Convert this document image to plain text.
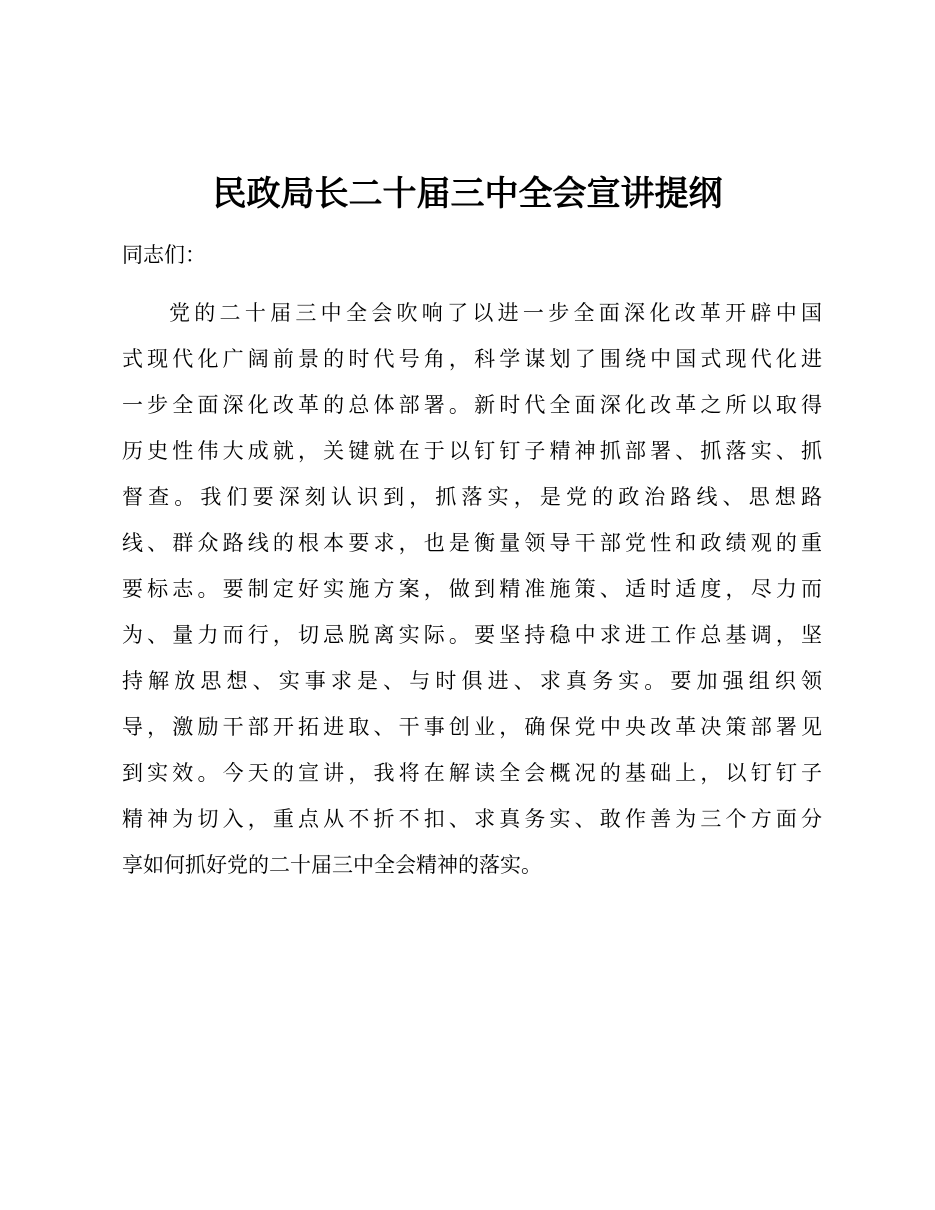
民政局长二十届三中全会宣讲提纲

同志们：

党的二十届三中全会吹响了以进一步全面深化改革开辟中国
式现代化广阔前景的时代号角，科学谋划了围绕中国式现代化进
一步全面深化改革的总体部署。新时代全面深化改革之所以取得
历史性伟大成就，关键就在于以钉钉子精神抓部署、抓落实、抓
督查。我们要深刻认识到，抓落实，是党的政治路线、思想路
线、群众路线的根本要求，也是衡量领导干部党性和政绩观的重
要标志。要制定好实施方案，做到精准施策、适时适度，尽力而
为、量力而行，切忌脱离实际。要坚持稳中求进工作总基调，坚
持解放思想、实事求是、与时俱进、求真务实。要加强组织领
导，激励干部开拓进取、干事创业，确保党中央改革决策部署见
到实效。今天的宣讲，我将在解读全会概况的基础上，以钉钉子
精神为切入，重点从不折不扣、求真务实、敢作善为三个方面分
享如何抓好党的二十届三中全会精神的落实。
